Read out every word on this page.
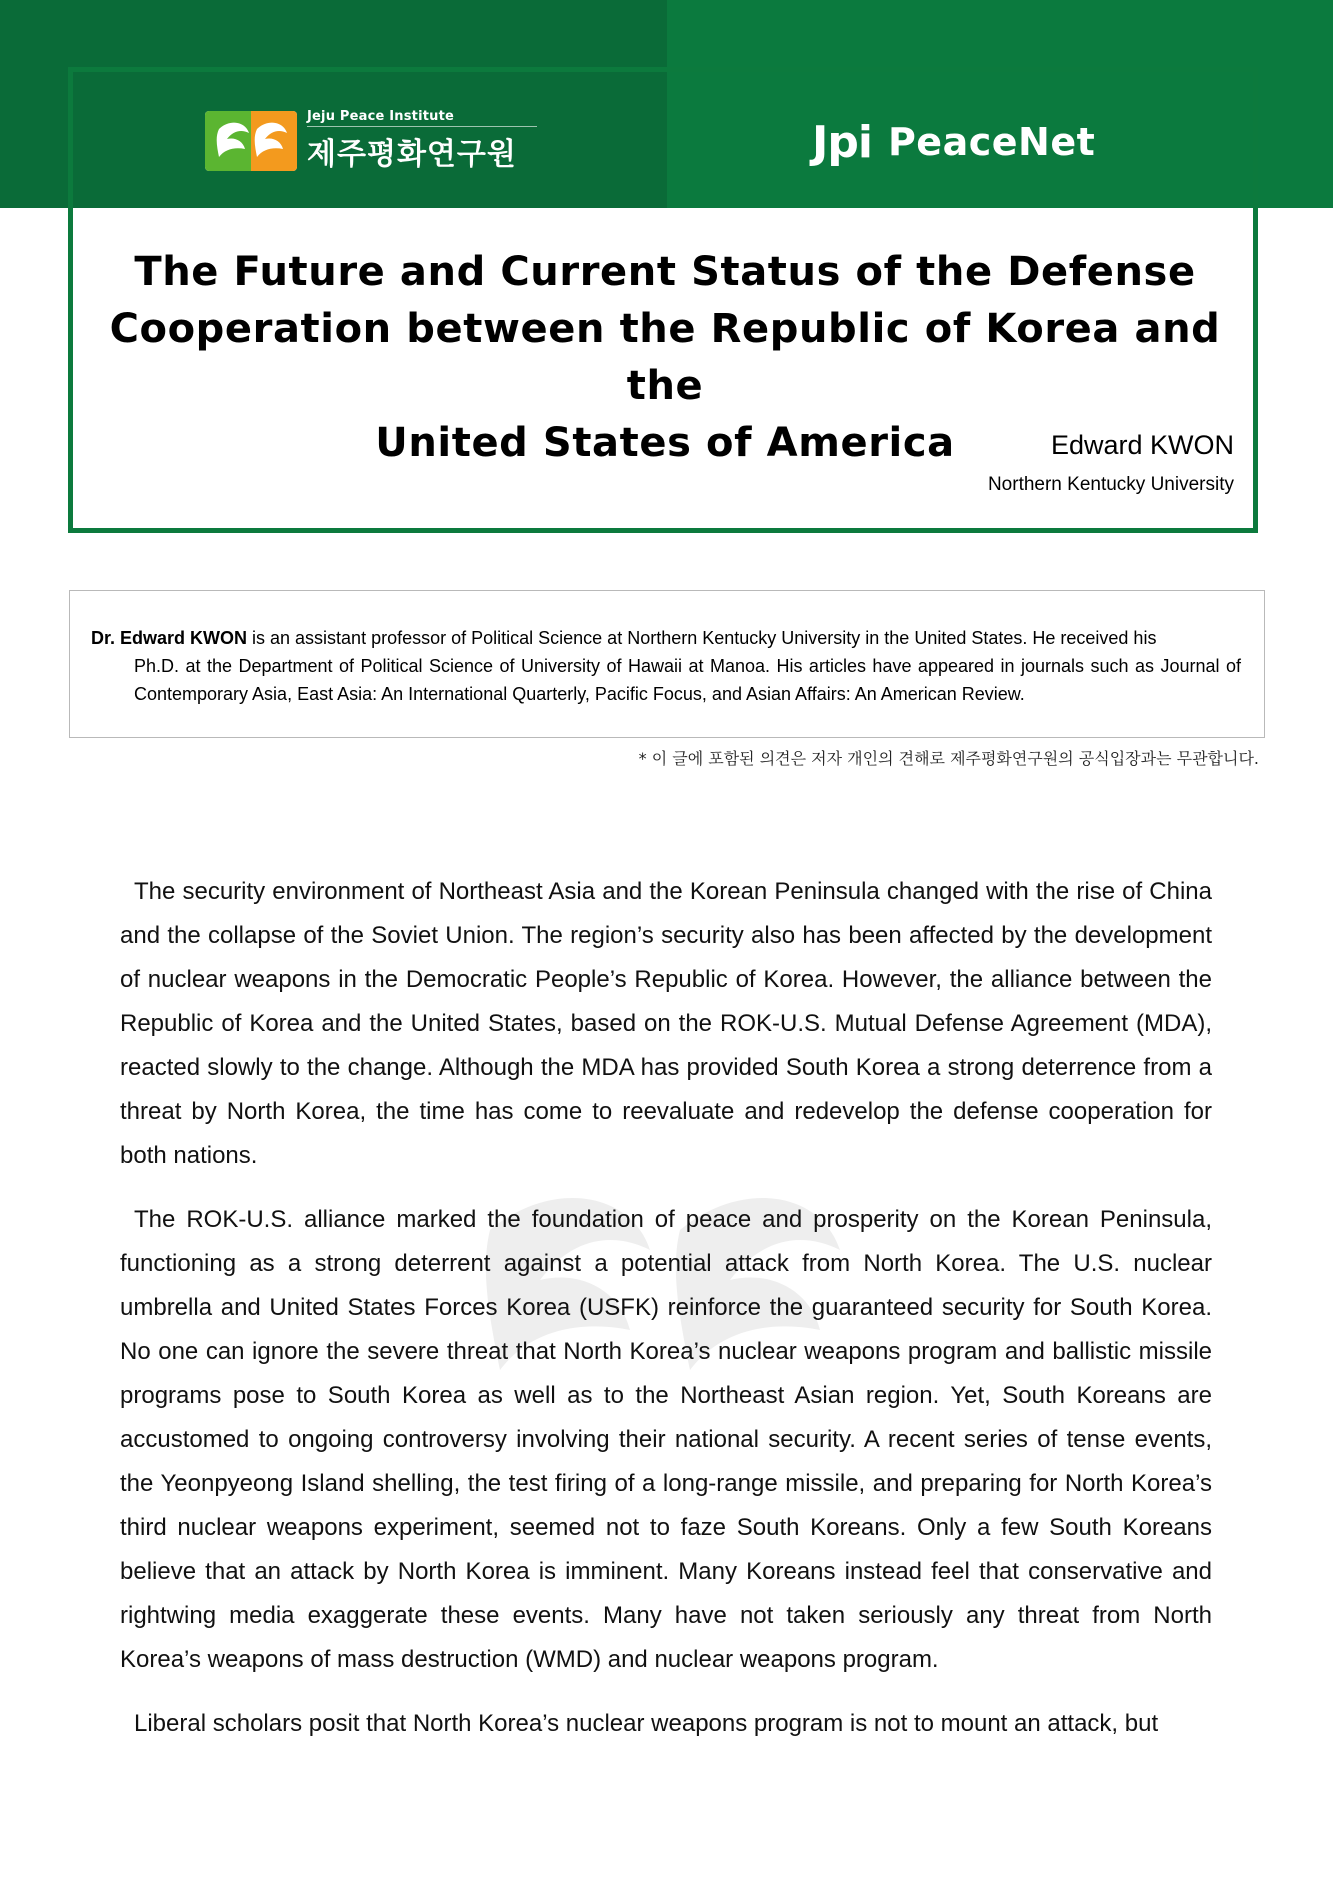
Jeju Peace Institute
제주평화연구원	Jpi PeaceNet
The Future and Current Status of the Defense
Cooperation between the Republic of Korea and the
United States of America	Edward KWON
Northern Kentucky University
Dr. Edward KWON is an assistant professor of Political Science at Northern Kentucky University in the United States. He received his
Ph.D. at the Department of Political Science of University of Hawaii at Manoa. His articles have appeared in journals such as Journal of Contemporary Asia, East Asia: An International Quarterly, Pacific Focus, and Asian Affairs: An American Review.
* 이 글에 포함된 의견은 저자 개인의 견해로 제주평화연구원의 공식입장과는 무관합니다.

The security environment of Northeast Asia and the Korean Peninsula changed with the rise of China and the collapse of the Soviet Union. The region’s security also has been affected by the development of nuclear weapons in the Democratic People’s Republic of Korea. However, the alliance between the Republic of Korea and the United States, based on the ROK-U.S. Mutual Defense Agreement (MDA), reacted slowly to the change. Although the MDA has provided South Korea a strong deterrence from a threat by North Korea, the time has come to reevaluate and redevelop the defense cooperation for both nations.

The ROK-U.S. alliance marked the foundation of peace and prosperity on the Korean Peninsula, functioning as a strong deterrent against a potential attack from North Korea. The U.S. nuclear umbrella and United States Forces Korea (USFK) reinforce the guaranteed security for South Korea. No one can ignore the severe threat that North Korea’s nuclear weapons program and ballistic missile programs pose to South Korea as well as to the Northeast Asian region. Yet, South Koreans are accustomed to ongoing controversy involving their national security. A recent series of tense events, the Yeonpyeong Island shelling, the test firing of a long-range missile, and preparing for North Korea’s third nuclear weapons experiment, seemed not to faze South Koreans. Only a few South Koreans believe that an attack by North Korea is imminent. Many Koreans instead feel that conservative and rightwing media exaggerate these events. Many have not taken seriously any threat from North Korea’s weapons of mass destruction (WMD) and nuclear weapons program.

Liberal scholars posit that North Korea’s nuclear weapons program is not to mount an attack, but
